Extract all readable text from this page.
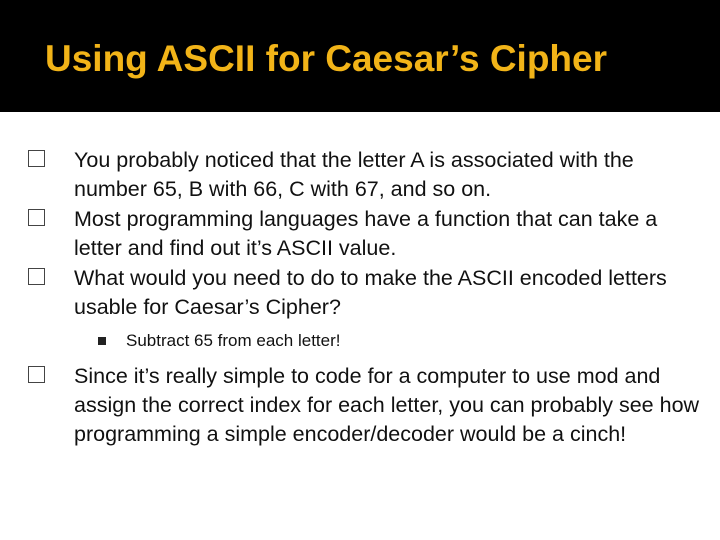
Using ASCII for Caesar’s Cipher
You probably noticed that the letter A is associated with the number 65, B with 66, C with 67, and so on.
Most programming languages have a function that can take a letter and find out it’s ASCII value.
What would you need to do to make the ASCII encoded letters usable for Caesar’s Cipher?
Subtract 65 from each letter!
Since it’s really simple to code for a computer to use mod and assign the correct index for each letter, you can probably see how programming a simple encoder/decoder would be a cinch!
